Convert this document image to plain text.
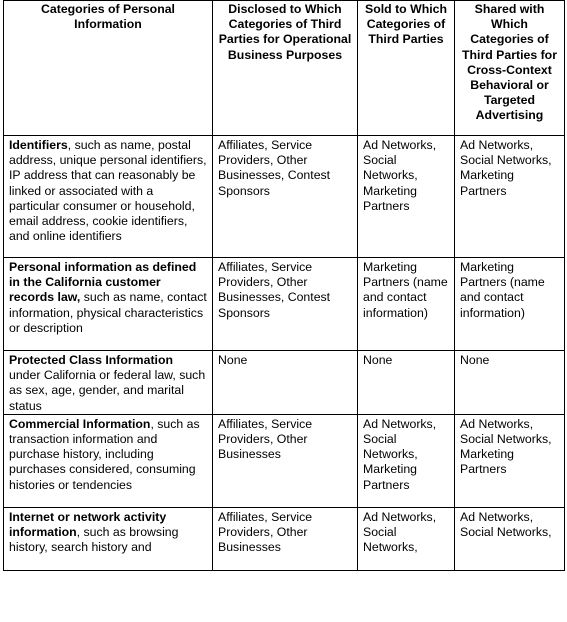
Categories of Personal Information	Disclosed to Which Categories of Third Parties for Operational Business Purposes	Sold to Which Categories of Third Parties	Shared with Which Categories of Third Parties for Cross-Context Behavioral or Targeted Advertising
Identifiers, such as name, postal address, unique personal identifiers, IP address that can reasonably be linked or associated with a particular consumer or household, email address, cookie identifiers, and online identifiers	Affiliates, Service Providers, Other Businesses, Contest Sponsors	Ad Networks, Social Networks, Marketing Partners	Ad Networks, Social Networks, Marketing Partners
Personal information as defined in the California customer records law, such as name, contact information, physical characteristics or description	Affiliates, Service Providers, Other Businesses, Contest Sponsors	Marketing Partners (name and contact information)	Marketing Partners (name and contact information)
Protected Class Information under California or federal law, such as sex, age, gender, and marital status	None	None	None
Commercial Information, such as transaction information and purchase history, including purchases considered, consuming histories or tendencies	Affiliates, Service Providers, Other Businesses	Ad Networks, Social Networks, Marketing Partners	Ad Networks, Social Networks, Marketing Partners
Internet or network activity information, such as browsing history, search history and	Affiliates, Service Providers, Other Businesses	Ad Networks, Social Networks,	Ad Networks, Social Networks,
